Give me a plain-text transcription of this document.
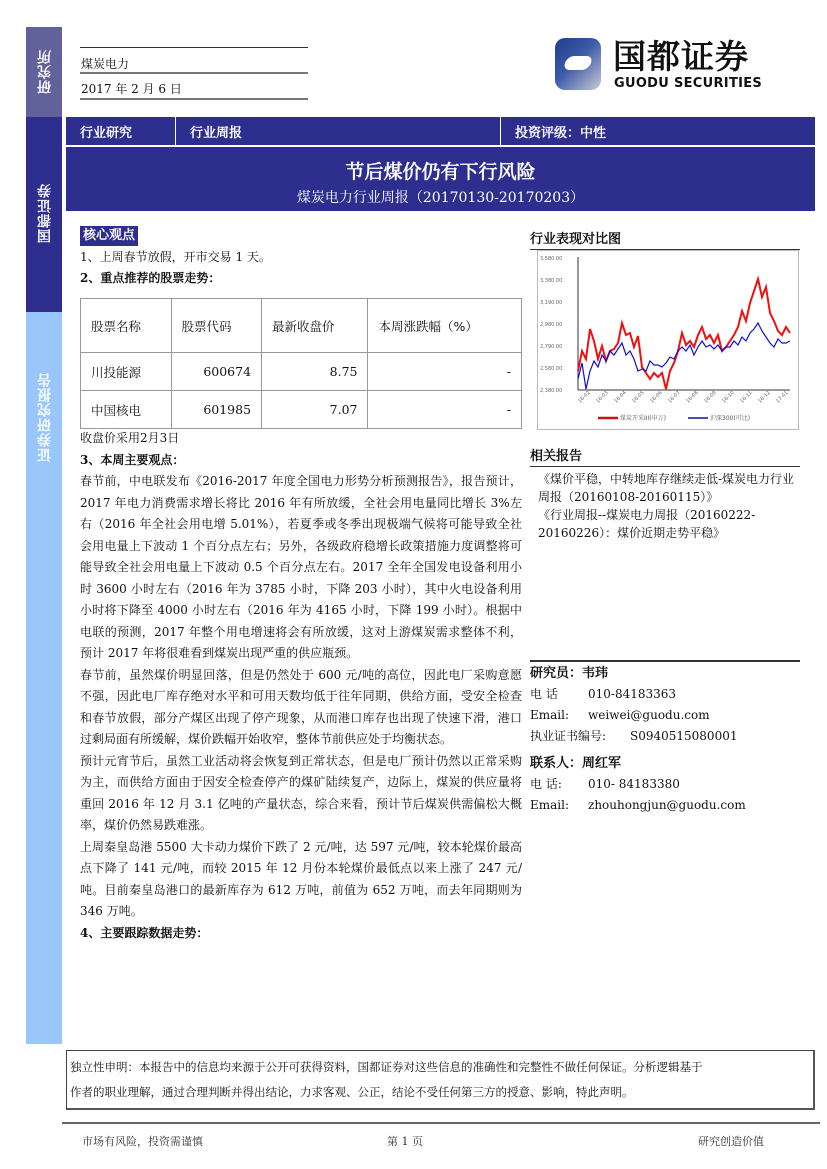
研究所
国都证券
证券研究报告
煤炭电力
2017 年 2 月 6 日
国都证券
GUODU SECURITIES
行业研究	行业周报	投资评级：中性
节后煤价仍有下行风险
煤炭电力行业周报（20170130-20170203）
核心观点
1、上周春节放假，开市交易 1 天。
2、重点推荐的股票走势：
股票名称	股票代码	最新收盘价	本周涨跌幅（%）
川投能源	600674	8.75	-
中国核电	601985	7.07	-
收盘价采用2月3日
3、本周主要观点：
春节前，中电联发布《2016-2017 年度全国电力形势分析预测报告》，报告预计，2017 年电力消费需求增长将比 2016 年有所放缓，全社会用电量同比增长 3%左右（2016 年全社会用电增 5.01%），若夏季或冬季出现极端气候将可能导致全社会用电量上下波动 1 个百分点左右；另外，各级政府稳增长政策措施力度调整将可能导致全社会用电量上下波动 0.5 个百分点左右。2017 全年全国发电设备利用小时 3600 小时左右（2016 年为 3785 小时，下降 203 小时），其中火电设备利用小时将下降至 4000 小时左右（2016 年为 4165 小时，下降 199 小时）。根据中电联的预测，2017 年整个用电增速将会有所放缓，这对上游煤炭需求整体不利，预计 2017 年将很难看到煤炭出现严重的供应瓶颈。
春节前，虽然煤价明显回落，但是仍然处于 600 元/吨的高位，因此电厂采购意愿不强，因此电厂库存绝对水平和可用天数均低于往年同期，供给方面，受安全检查和春节放假，部分产煤区出现了停产现象，从而港口库存也出现了快速下滑，港口过剩局面有所缓解，煤价跌幅开始收窄，整体节前供应处于均衡状态。
预计元宵节后，虽然工业活动将会恢复到正常状态，但是电厂预计仍然以正常采购为主，而供给方面由于因安全检查停产的煤矿陆续复产，边际上，煤炭的供应量将重回 2016 年 12 月 3.1 亿吨的产量状态，综合来看，预计节后煤炭供需偏松大概率，煤价仍然易跌难涨。
上周秦皇岛港 5500 大卡动力煤价下跌了 2 元/吨，达 597 元/吨，较本轮煤价最高点下降了 141 元/吨，而较 2015 年 12 月份本轮煤价最低点以来上涨了 247 元/吨。目前秦皇岛港口的最新库存为 612 万吨，前值为 652 万吨，而去年同期则为 346 万吨。
4、主要跟踪数据走势：
行业表现对比图
3,580.00
3,380.00
3,190.00
2,980.00
2,790.00
2,580.00
2,380.00	16-02 16-03 16-04 16-05 16-06 16-07 16-08 16-09 16-10 16-11 16-12 17-01
煤炭开采III(申万)	沪深300(可比)
相关报告
《煤价平稳，中转地库存继续走低-煤炭电力行业周报（20160108-20160115）》
《行业周报--煤炭电力周报（20160222-20160226）：煤价近期走势平稳》
研究员：韦玮
电 话	010-84183363
Email:	weiwei@guodu.com
执业证书编号:	S0940515080001
联系人：周红军
电 话:	010- 84183380
Email:	zhouhongjun@guodu.com
独立性申明：本报告中的信息均来源于公开可获得资料，国都证券对这些信息的准确性和完整性不做任何保证。分析逻辑基于
作者的职业理解，通过合理判断并得出结论，力求客观、公正，结论不受任何第三方的授意、影响，特此声明。
市场有风险，投资需谨慎	第 1 页	研究创造价值
